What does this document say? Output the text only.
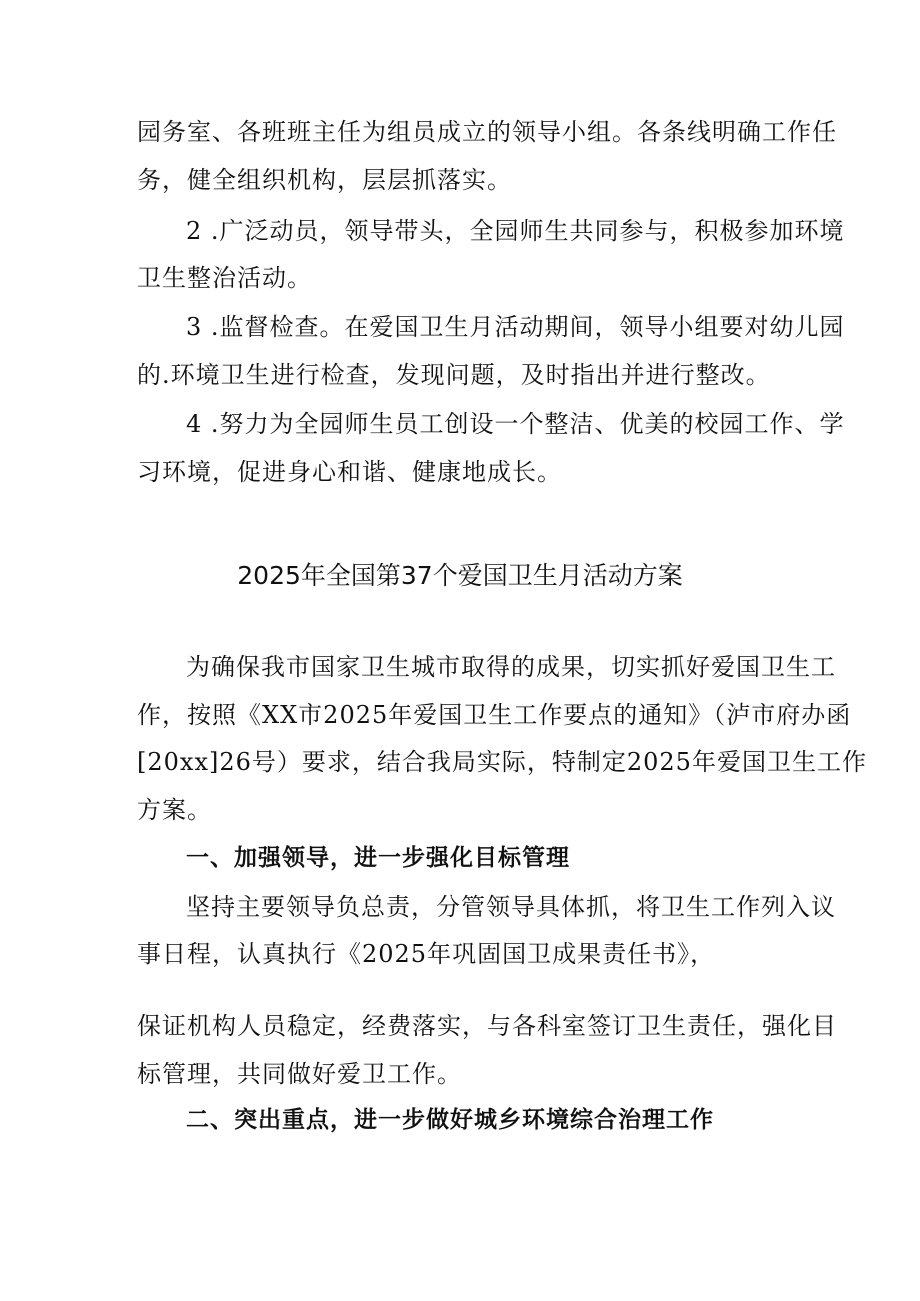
园务室、各班班主任为组员成立的领导小组。各条线明确工作任
务，健全组织机构，层层抓落实。
2 .广泛动员，领导带头，全园师生共同参与，积极参加环境
卫生整治活动。
3 .监督检查。在爱国卫生月活动期间，领导小组要对幼儿园
的.环境卫生进行检查，发现问题，及时指出并进行整改。
4 .努力为全园师生员工创设一个整洁、优美的校园工作、学
习环境，促进身心和谐、健康地成长。
2025年全国第37个爱国卫生月活动方案
为确保我市国家卫生城市取得的成果，切实抓好爱国卫生工
作，按照《XX市2025年爱国卫生工作要点的通知》（泸市府办函
[20xx]26号）要求，结合我局实际，特制定2025年爱国卫生工作
方案。
一、加强领导，进一步强化目标管理
坚持主要领导负总责，分管领导具体抓，将卫生工作列入议
事日程，认真执行《2025年巩固国卫成果责任书》，
保证机构人员稳定，经费落实，与各科室签订卫生责任，强化目
标管理，共同做好爱卫工作。
二、突出重点，进一步做好城乡环境综合治理工作
